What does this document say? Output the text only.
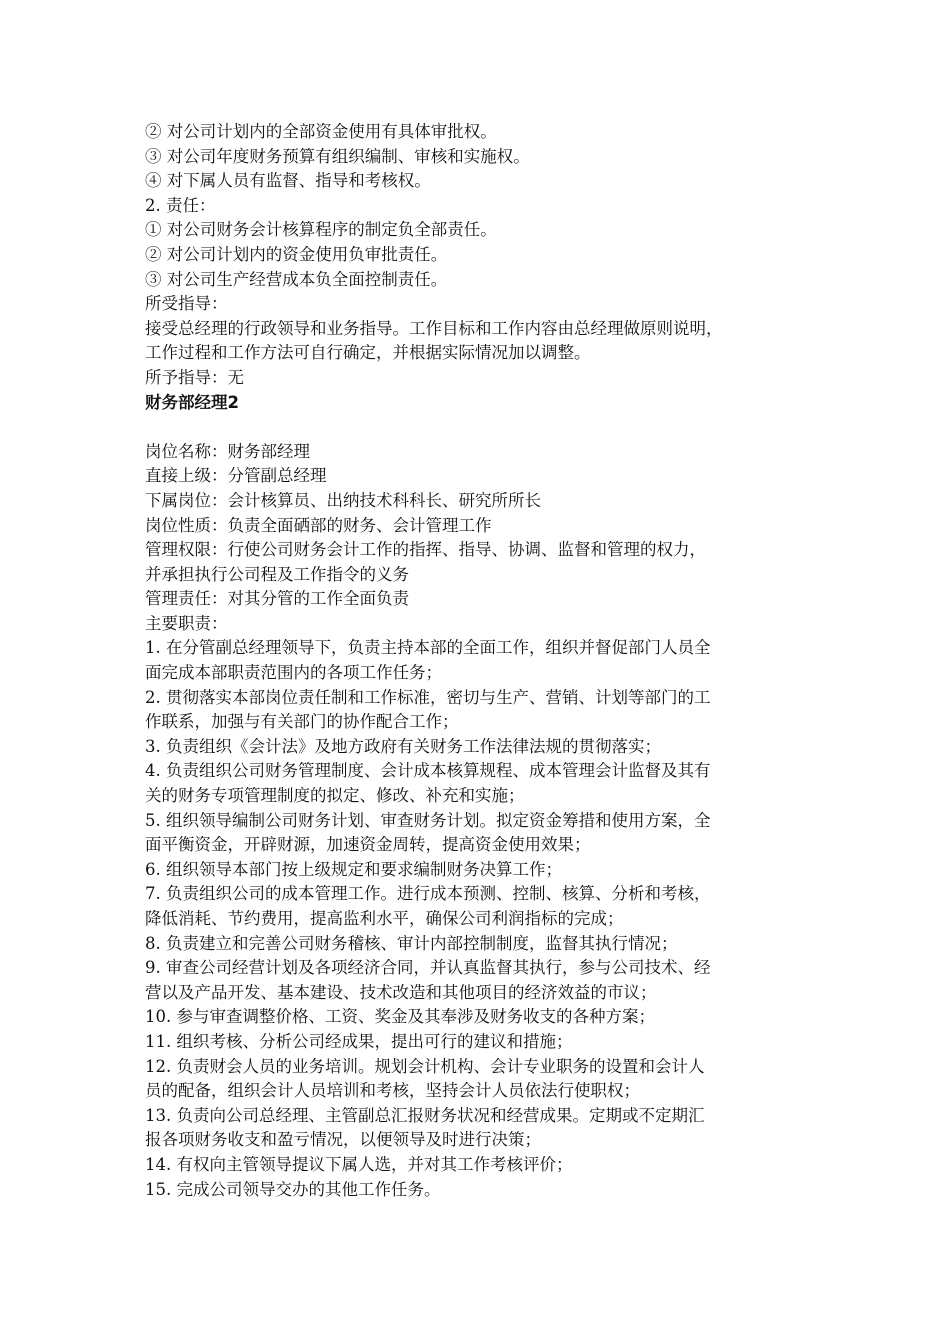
② 对公司计划内的全部资金使用有具体审批权。
③ 对公司年度财务预算有组织编制、审核和实施权。
④ 对下属人员有监督、指导和考核权。
2. 责任：
① 对公司财务会计核算程序的制定负全部责任。
② 对公司计划内的资金使用负审批责任。
③ 对公司生产经营成本负全面控制责任。
所受指导：
接受总经理的行政领导和业务指导。工作目标和工作内容由总经理做原则说明，
工作过程和工作方法可自行确定，并根据实际情况加以调整。
所予指导：无
财务部经理2
岗位名称：财务部经理
直接上级：分管副总经理
下属岗位：会计核算员、出纳技术科科长、研究所所长
岗位性质：负责全面硒部的财务、会计管理工作
管理权限：行使公司财务会计工作的指挥、指导、协调、监督和管理的权力，
并承担执行公司程及工作指令的义务
管理责任：对其分管的工作全面负责
主要职责：
1. 在分管副总经理领导下，负责主持本部的全面工作，组织并督促部门人员全
面完成本部职责范围内的各项工作任务；
2. 贯彻落实本部岗位责任制和工作标准，密切与生产、营销、计划等部门的工
作联系，加强与有关部门的协作配合工作；
3. 负责组织《会计法》及地方政府有关财务工作法律法规的贯彻落实；
4. 负责组织公司财务管理制度、会计成本核算规程、成本管理会计监督及其有
关的财务专项管理制度的拟定、修改、补充和实施；
5. 组织领导编制公司财务计划、审查财务计划。拟定资金筹措和使用方案，全
面平衡资金，开辟财源，加速资金周转，提高资金使用效果；
6. 组织领导本部门按上级规定和要求编制财务决算工作；
7. 负责组织公司的成本管理工作。进行成本预测、控制、核算、分析和考核，
降低消耗、节约费用，提高监利水平，确保公司利润指标的完成；
8. 负责建立和完善公司财务稽核、审计内部控制制度，监督其执行情况；
9. 审查公司经营计划及各项经济合同，并认真监督其执行，参与公司技术、经
营以及产品开发、基本建设、技术改造和其他项目的经济效益的市议；
10. 参与审查调整价格、工资、奖金及其奉涉及财务收支的各种方案；
11. 组织考核、分析公司经成果，提出可行的建议和措施；
12. 负责财会人员的业务培训。规划会计机构、会计专业职务的设置和会计人
员的配备，组织会计人员培训和考核，坚持会计人员依法行使职权；
13. 负责向公司总经理、主管副总汇报财务状况和经营成果。定期或不定期汇
报各项财务收支和盈亏情况，以便领导及时进行决策；
14. 有权向主管领导提议下属人选，并对其工作考核评价；
15. 完成公司领导交办的其他工作任务。
